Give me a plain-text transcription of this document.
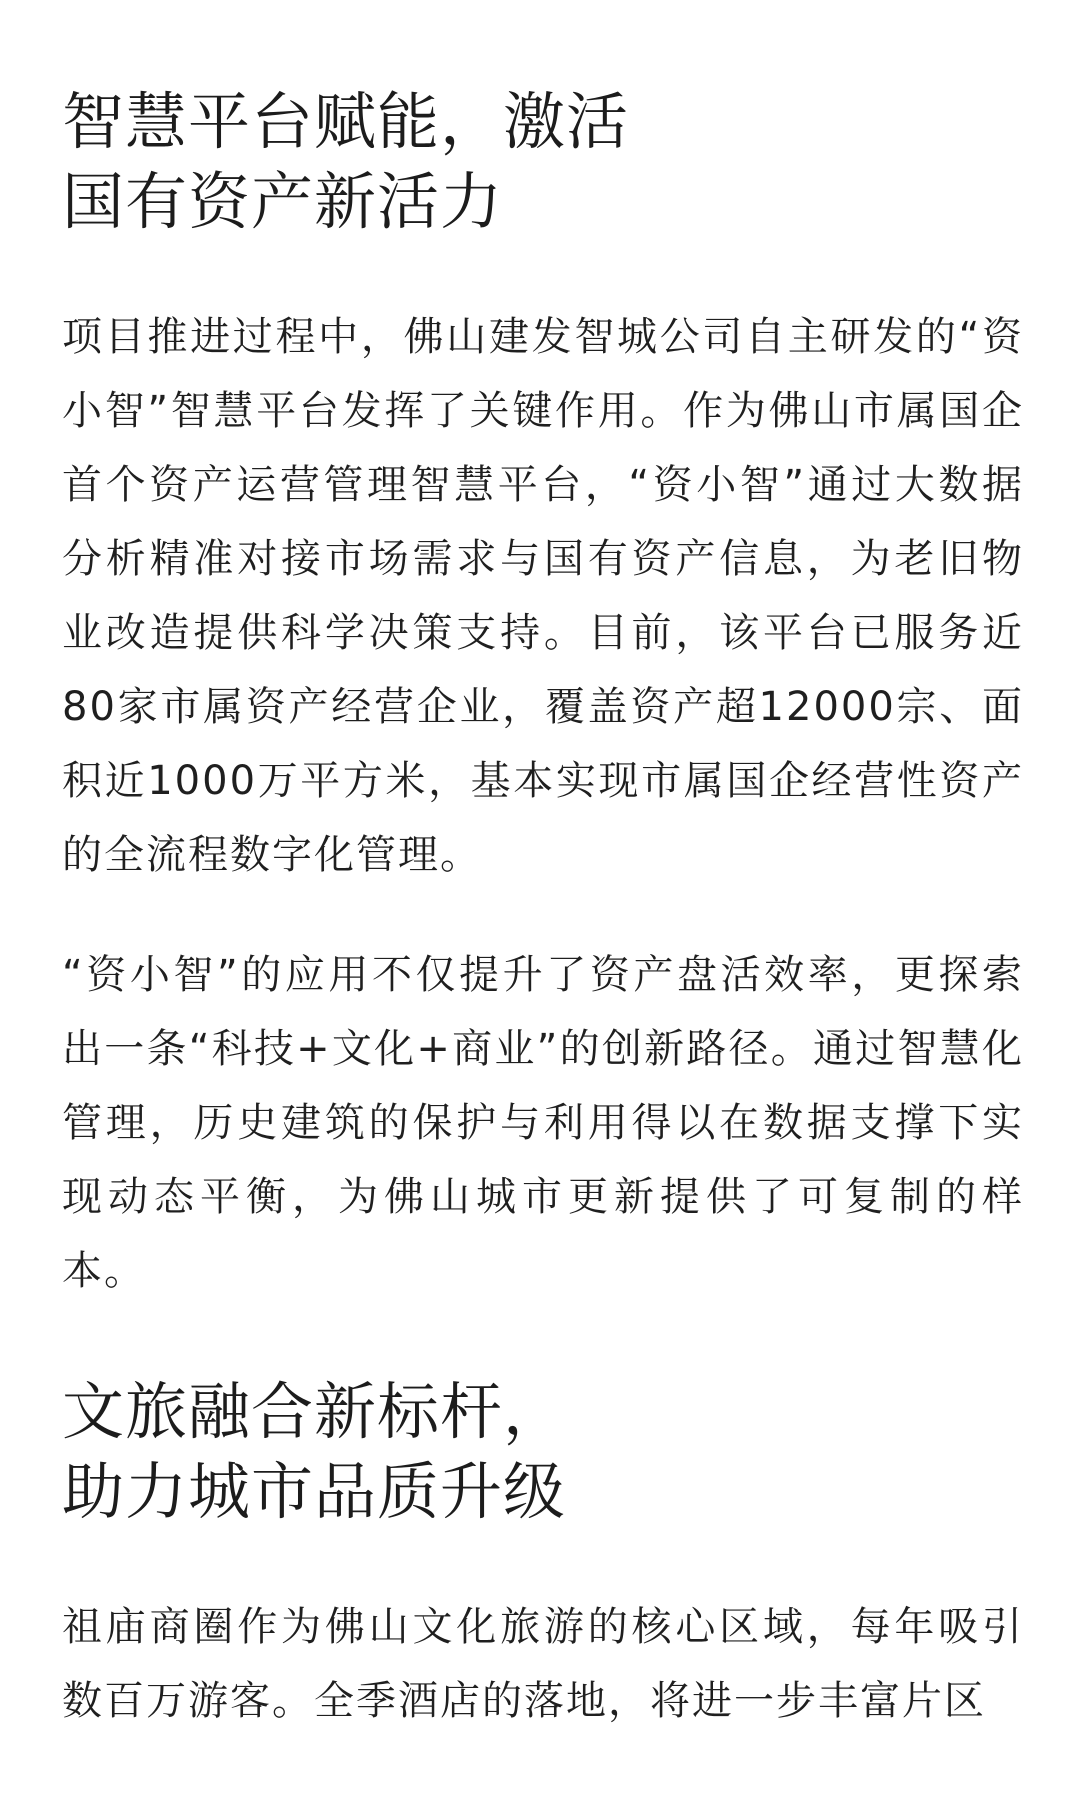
智慧平台赋能，激活
国有资产新活力

项目推进过程中，佛山建发智城公司自主研发的“资小智”智慧平台发挥了关键作用。作为佛山市属国企首个资产运营管理智慧平台，“资小智”通过大数据分析精准对接市场需求与国有资产信息，为老旧物业改造提供科学决策支持。目前，该平台已服务近80家市属资产经营企业，覆盖资产超12000宗、面积近1000万平方米，基本实现市属国企经营性资产的全流程数字化管理。

“资小智”的应用不仅提升了资产盘活效率，更探索出一条“科技+文化+商业”的创新路径。通过智慧化管理，历史建筑的保护与利用得以在数据支撑下实现动态平衡，为佛山城市更新提供了可复制的样本。

文旅融合新标杆，
助力城市品质升级

祖庙商圈作为佛山文化旅游的核心区域，每年吸引数百万游客。全季酒店的落地，将进一步丰富片区
